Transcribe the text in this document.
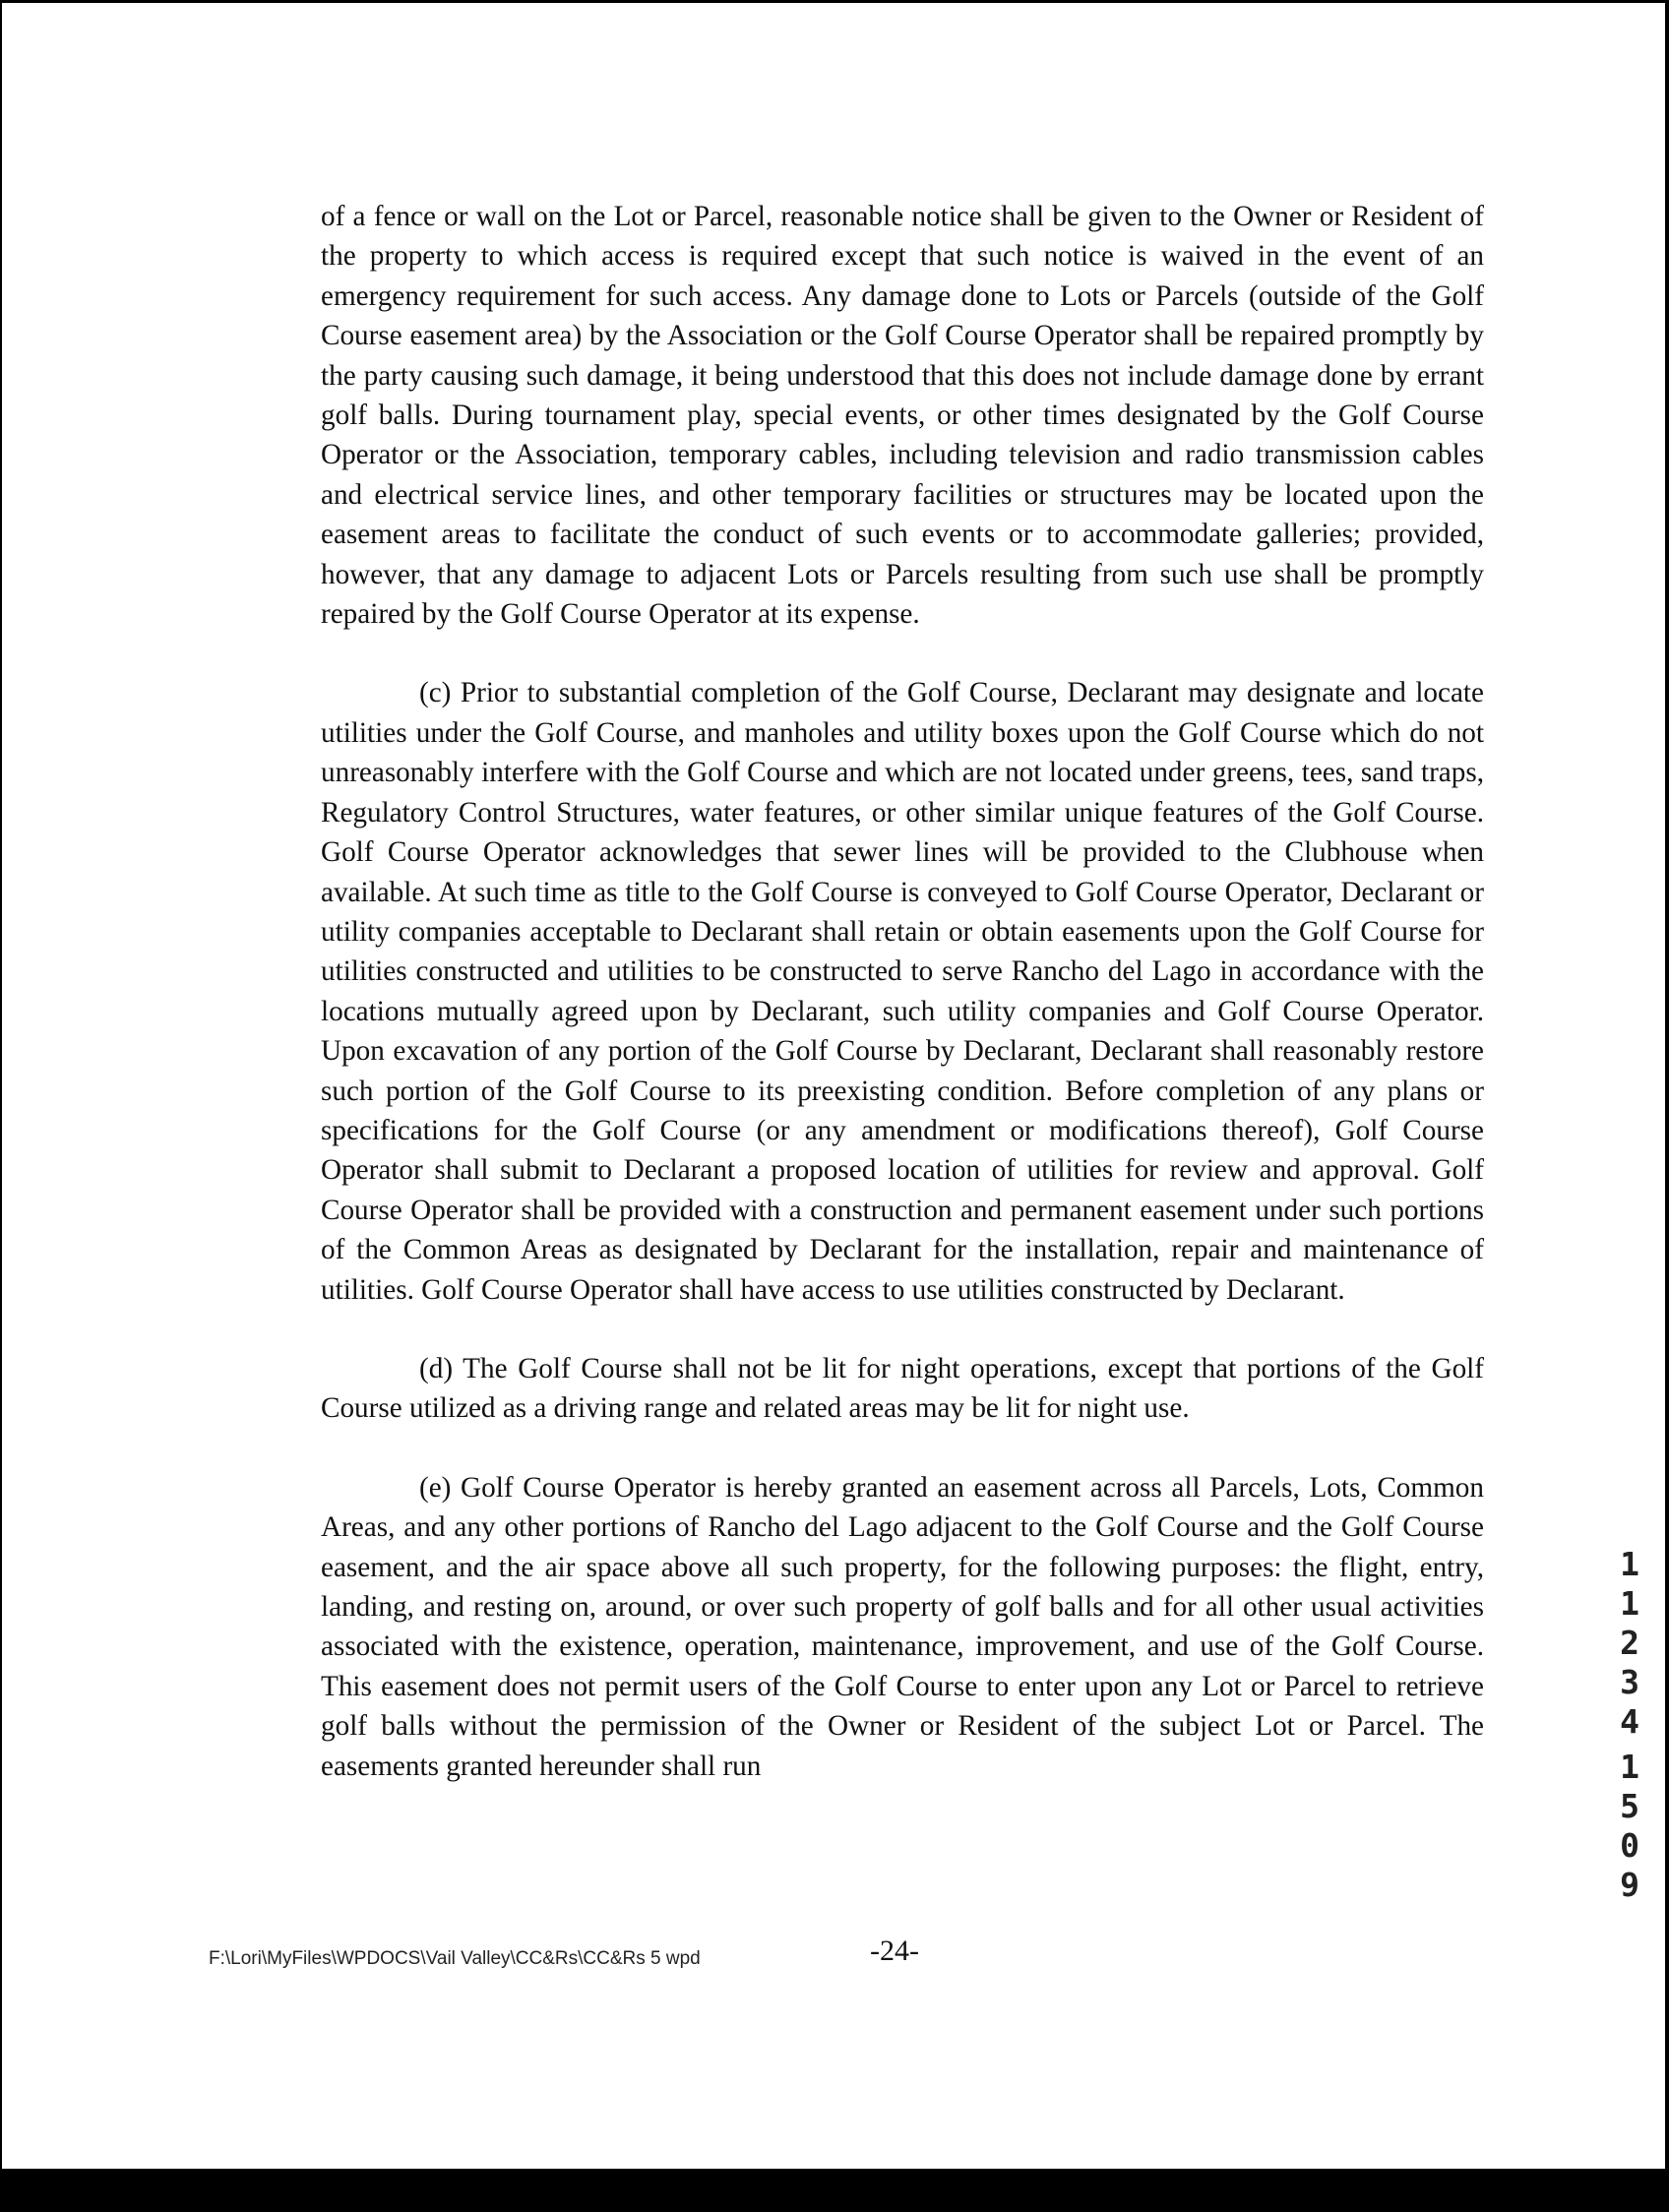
of a fence or wall on the Lot or Parcel, reasonable notice shall be given to the Owner or Resident of the property to which access is required except that such notice is waived in the event of an emergency requirement for such access. Any damage done to Lots or Parcels (outside of the Golf Course easement area) by the Association or the Golf Course Operator shall be repaired promptly by the party causing such damage, it being understood that this does not include damage done by errant golf balls. During tournament play, special events, or other times designated by the Golf Course Operator or the Association, temporary cables, including television and radio transmission cables and electrical service lines, and other temporary facilities or structures may be located upon the easement areas to facilitate the conduct of such events or to accommodate galleries; provided, however, that any damage to adjacent Lots or Parcels resulting from such use shall be promptly repaired by the Golf Course Operator at its expense.

(c) Prior to substantial completion of the Golf Course, Declarant may designate and locate utilities under the Golf Course, and manholes and utility boxes upon the Golf Course which do not unreasonably interfere with the Golf Course and which are not located under greens, tees, sand traps, Regulatory Control Structures, water features, or other similar unique features of the Golf Course. Golf Course Operator acknowledges that sewer lines will be provided to the Clubhouse when available. At such time as title to the Golf Course is conveyed to Golf Course Operator, Declarant or utility companies acceptable to Declarant shall retain or obtain easements upon the Golf Course for utilities constructed and utilities to be constructed to serve Rancho del Lago in accordance with the locations mutually agreed upon by Declarant, such utility companies and Golf Course Operator. Upon excavation of any portion of the Golf Course by Declarant, Declarant shall reasonably restore such portion of the Golf Course to its preexisting condition. Before completion of any plans or specifications for the Golf Course (or any amendment or modifications thereof), Golf Course Operator shall submit to Declarant a proposed location of utilities for review and approval. Golf Course Operator shall be provided with a construction and permanent easement under such portions of the Common Areas as designated by Declarant for the installation, repair and maintenance of utilities. Golf Course Operator shall have access to use utilities constructed by Declarant.

(d) The Golf Course shall not be lit for night operations, except that portions of the Golf Course utilized as a driving range and related areas may be lit for night use.

(e) Golf Course Operator is hereby granted an easement across all Parcels, Lots, Common Areas, and any other portions of Rancho del Lago adjacent to the Golf Course and the Golf Course easement, and the air space above all such property, for the following purposes: the flight, entry, landing, and resting on, around, or over such property of golf balls and for all other usual activities associated with the existence, operation, maintenance, improvement, and use of the Golf Course. This easement does not permit users of the Golf Course to enter upon any Lot or Parcel to retrieve golf balls without the permission of the Owner or Resident of the subject Lot or Parcel. The easements granted hereunder shall run

1
1
2
3
4
1
5
0
9
F:\Lori\MyFiles\WPDOCS\Vail Valley\CC&Rs\CC&Rs 5 wpd	-24-
